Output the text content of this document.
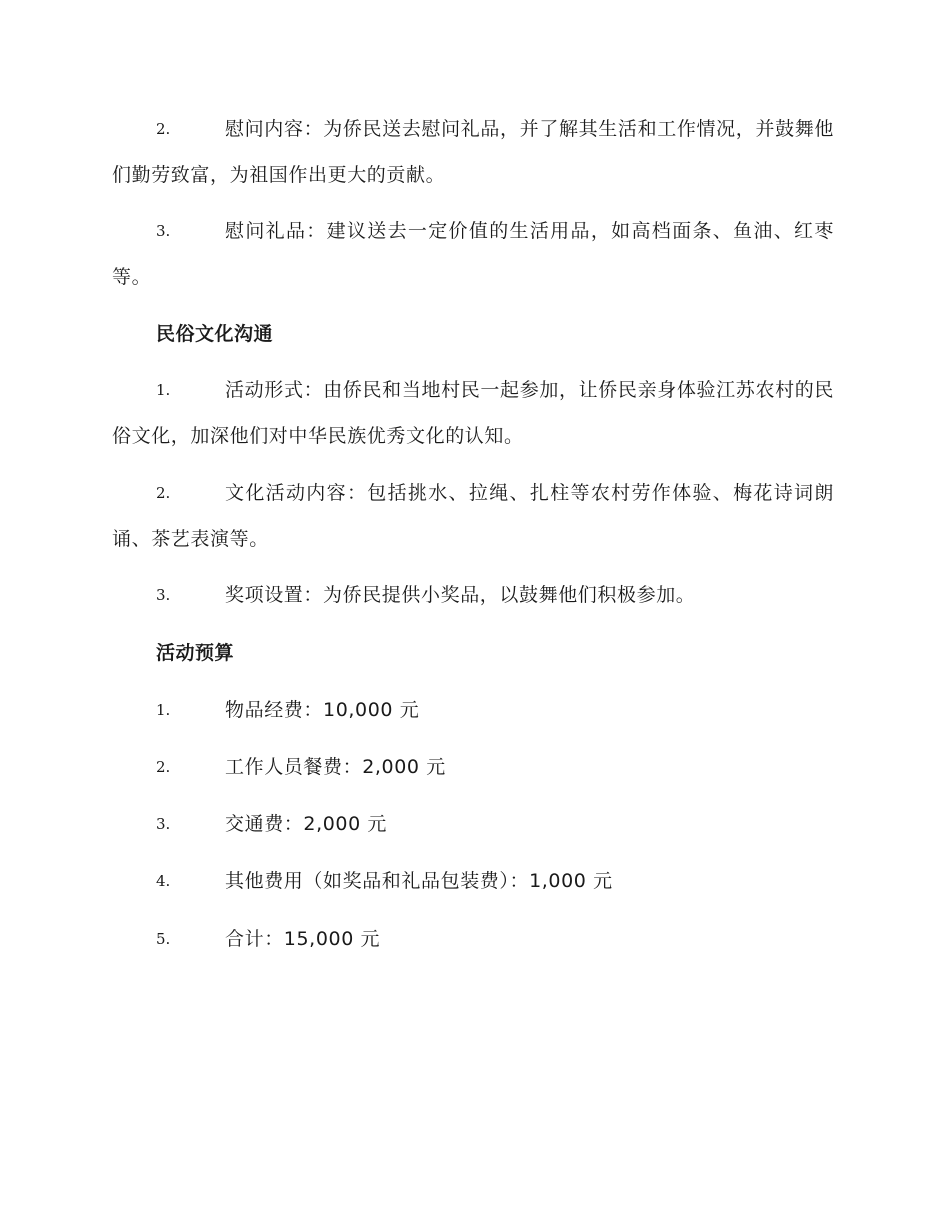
2.	慰问内容：为侨民送去慰问礼品，并了解其生活和工作情况，并鼓舞他们勤劳致富，为祖国作出更大的贡献。
3.	慰问礼品：建议送去一定价值的生活用品，如高档面条、鱼油、红枣等。
民俗文化沟通
1.	活动形式：由侨民和当地村民一起参加，让侨民亲身体验江苏农村的民俗文化，加深他们对中华民族优秀文化的认知。
2.	文化活动内容：包括挑水、拉绳、扎柱等农村劳作体验、梅花诗词朗诵、茶艺表演等。
3.	奖项设置：为侨民提供小奖品，以鼓舞他们积极参加。
活动预算
1.	物品经费：10,000 元
2.	工作人员餐费：2,000 元
3.	交通费：2,000 元
4.	其他费用（如奖品和礼品包装费）：1,000 元
5.	合计：15,000 元
